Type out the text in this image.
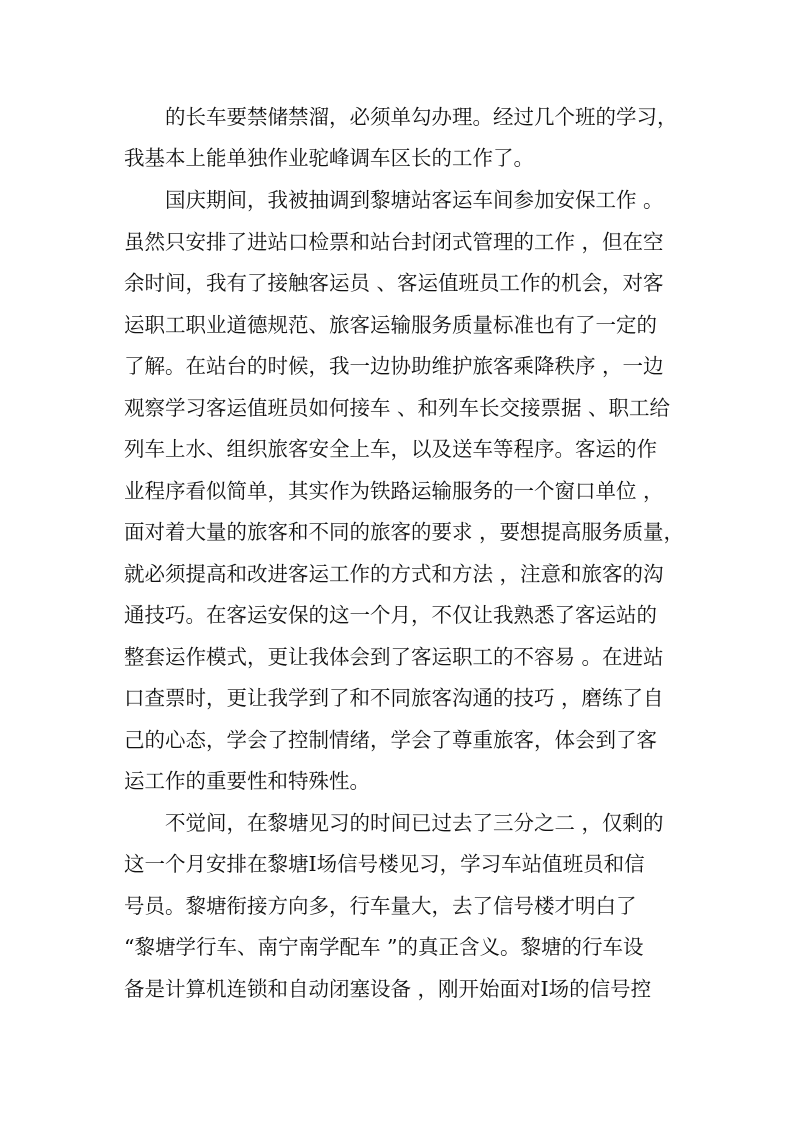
的长车要禁储禁溜，必须单勾办理。经过几个班的学习，
我基本上能单独作业驼峰调车区长的工作了。
国庆期间，我被抽调到黎塘站客运车间参加安保工作 。
虽然只安排了进站口检票和站台封闭式管理的工作 ，但在空
余时间，我有了接触客运员 、客运值班员工作的机会，对客
运职工职业道德规范、旅客运输服务质量标准也有了一定的
了解。在站台的时候，我一边协助维护旅客乘降秩序 ，一边
观察学习客运值班员如何接车 、和列车长交接票据 、职工给
列车上水、组织旅客安全上车，以及送车等程序。客运的作
业程序看似简单，其实作为铁路运输服务的一个窗口单位 ，
面对着大量的旅客和不同的旅客的要求 ，要想提高服务质量，
就必须提高和改进客运工作的方式和方法 ，注意和旅客的沟
通技巧。在客运安保的这一个月，不仅让我熟悉了客运站的
整套运作模式，更让我体会到了客运职工的不容易 。在进站
口查票时，更让我学到了和不同旅客沟通的技巧 ，磨练了自
己的心态，学会了控制情绪，学会了尊重旅客，体会到了客
运工作的重要性和特殊性。
不觉间，在黎塘见习的时间已过去了三分之二 ，仅剩的
这一个月安排在黎塘Ⅰ场信号楼见习，学习车站值班员和信
号员。黎塘衔接方向多，行车量大，去了信号楼才明白了
“黎塘学行车、南宁南学配车 ”的真正含义。黎塘的行车设
备是计算机连锁和自动闭塞设备 ，刚开始面对Ⅰ场的信号控
